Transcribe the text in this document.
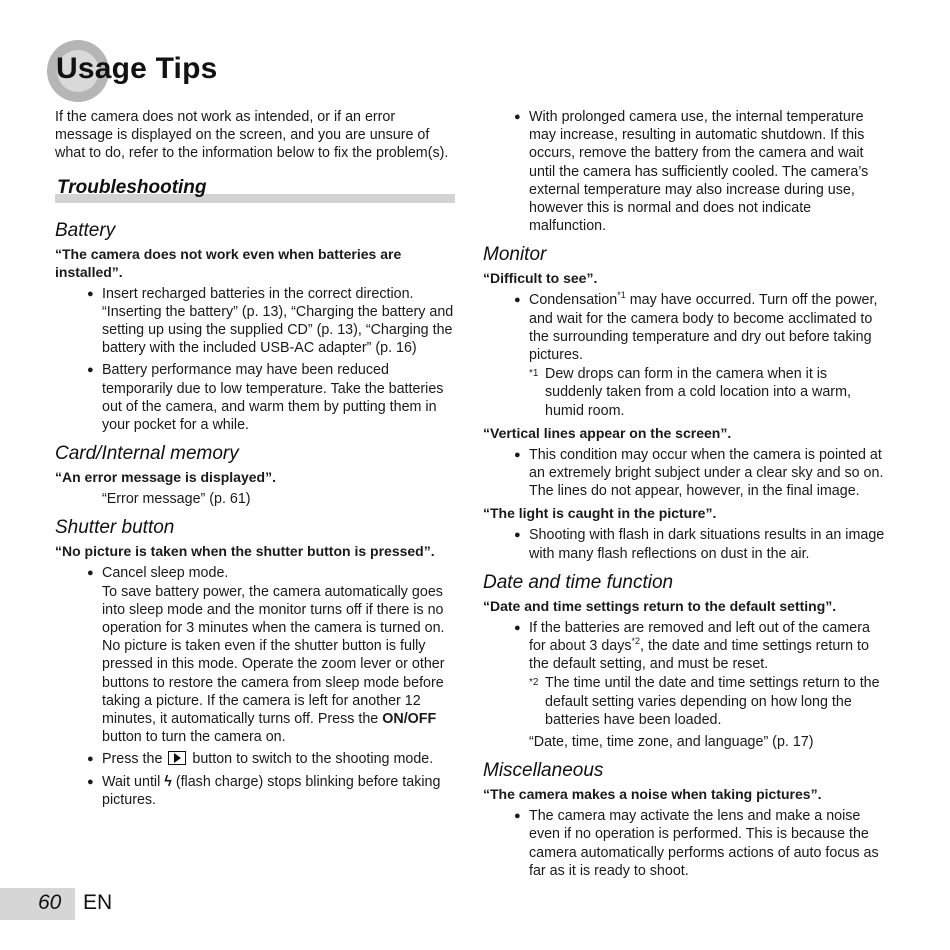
Usage Tips

If the camera does not work as intended, or if an error message is displayed on the screen, and you are unsure of what to do, refer to the information below to fix the problem(s).

Troubleshooting
Battery

“The camera does not work even when batteries are installed”.

● Insert recharged batteries in the correct direction.

“Inserting the battery” (p. 13), “Charging the battery and setting up using the supplied CD” (p. 13), “Charging the battery with the included USB-AC adapter” (p. 16)

● Battery performance may have been reduced temporarily due to low temperature. Take the batteries out of the camera, and warm them by putting them in your pocket for a while.
Card/Internal memory

“An error message is displayed”.

“Error message” (p. 61)

Shutter button

“No picture is taken when the shutter button is pressed”.

● Cancel sleep mode.
To save battery power, the camera automatically goes into sleep mode and the monitor turns off if there is no operation for 3 minutes when the camera is turned on. No picture is taken even if the shutter button is fully pressed in this mode. Operate the zoom lever or other buttons to restore the camera from sleep mode before taking a picture. If the camera is left for another 12 minutes, it automatically turns off. Press the ON/OFF button to turn the camera on.
● Press the button to switch to the shooting mode.
● Wait until ϟ (flash charge) stops blinking before taking pictures.
● With prolonged camera use, the internal temperature may increase, resulting in automatic shutdown. If this occurs, remove the battery from the camera and wait until the camera has sufficiently cooled. The camera’s external temperature may also increase during use, however this is normal and does not indicate malfunction.
Monitor

“Difficult to see”.

● Condensation$^{*1}$ may have occurred. Turn off the power, and wait for the camera body to become acclimated to the surrounding temperature and dry out before taking pictures.
*1 Dew drops can form in the camera when it is suddenly taken from a cold location into a warm, humid room.

“Vertical lines appear on the screen”.

● This condition may occur when the camera is pointed at an extremely bright subject under a clear sky and so on. The lines do not appear, however, in the final image.

“The light is caught in the picture”.

● Shooting with flash in dark situations results in an image with many flash reflections on dust in the air.
Date and time function

“Date and time settings return to the default setting”.

● If the batteries are removed and left out of the camera for about 3 days$^{*2}$, the date and time settings return to the default setting, and must be reset.
*2 The time until the date and time settings return to the default setting varies depending on how long the batteries have been loaded.

“Date, time, time zone, and language” (p. 17)

Miscellaneous

“The camera makes a noise when taking pictures”.

● The camera may activate the lens and make a noise even if no operation is performed. This is because the camera automatically performs actions of auto focus as far as it is ready to shoot.
60 EN
